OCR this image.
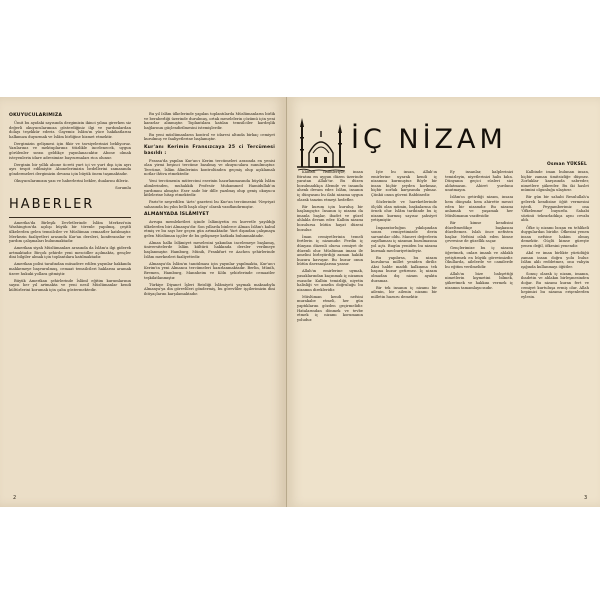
OKUYUCULARIMIZA

Ümit bu ayıdaki sayısında dergimizin ikinci yılına girerken siz değerli okuyucularımıza gösterdiğiniz ilgi ve yardımlardan dolayı teşekkür ederiz. Gayemiz İslâm'ın yüce hakikatlarını halkımıza duyurmak ve İslâm birliğine hizmet etmektir.

Dergimizin gelişmesi için fikir ve tavsiyelerinizi bekliyoruz. Yazılarınız ve mektuplarınız titizlikle incelenecek, uygun görülenler sırası geldikçe yayınlanacaktır. Abone olmak isteyenlerin idare adresimize başvurmaları rica olunur.

Derginin bir yıllık abone ücreti yurt içi ve yurt dışı için ayrı ayrı tespit edilmiştir. Abonelerimizin bedellerini zamanında göndermeleri dergimizin devamı için büyük önem taşımaktadır.

Okuyucularımızın yazı ve haberlerini bekler, dualarını dileriz.

Sorumlu

HABERLER

Amerika'da Birleşik Devletlerinde İslâm Merkezi'nin Washington'da açılışı büyük bir törenle yapılmış, çeşitli ülkelerden gelen temsilciler ve Müslüman cemaatler katılmıştır. Merkezin faaliyetleri arasında Kur'an dersleri, konferanslar ve yardım çalışmaları bulunmaktadır.

Amerikan siyah Müslümanları arasında da İslâm'a ilgi giderek artmaktadır. Birçok şehirde yeni mescidler açılmakta, gençler dini bilgiler almak için toplantılara katılmaktadır.

Amerikan polisi tarafından müsadere edilen yayınlar hakkında mahkemeye başvurulmuş, cemaat temsilcileri haklarını aramak üzere hukuki yollara gitmiştir.

Büyük Amerikan şehirlerinde İslâmî eğitim kurumlarının sayısı her yıl artmakta ve yeni nesil Müslümanlar kendi kültürlerini korumak için çaba göstermektedir.

Bu yıl İslâm ülkelerinde yapılan toplantılarda Müslümanların birlik ve beraberliği üzerinde durulmuş, ortak meselelerin çözümü için yeni kararlar alınmıştır. Toplantılara katılan temsilciler kardeşlik bağlarının güçlendirilmesini istemişlerdir.

Bu yeni müslümanların kontrol ve idaresi altında birkaç cemiyet kurulmuş ve faaliyetlerine başlamıştır.

Kur'anı Kerimin Fransızcaya 25 ci Tercümesi basıldı :

Fransa'da yapılan Kur'an-ı Kerim tercümeleri arasında en yenisi olan yirmi beşinci tercüme basılmış ve okuyuculara sunulmuştur. Tercüme, İslâm âlimlerinin kontrolünden geçmiş olup açıklamalı notlar ihtiva etmektedir.

Yeni tercümenin mütercimi eserinin hazırlanmasında büyük İslâm alimlerinden, muhakkik Profesör Muhammed Hamidullah'ın yardımını almıştır. Eser sade bir dille yazılmış olup geniş okuyucu kitlelerine hitap etmektedir.

Paris'te neşredilen 'Arts' gazetesi bu Kur'an tercümesini 'Neşriyat sahasında bu yılın belli başlı olayı' olarak vasıflandırmıştır.

ALMANYADA İSLÂMİYET

Avrupa memleketleri içinde İslâmiyetin en kuvvetle yayıldığı ülkelerden biri Almanya'dır. Son yıllarda binlerce Alman İslâm'ı kabul etmiş ve bu sayı her geçen gün artmaktadır. Yurt dışından çalışmaya gelen Müslüman işçiler de bu gelişmeye katkıda bulunmaktadır.

Alman halkı İslâmiyet meselesini yakından incelemeye başlamış, üniversitelerde İslâm kültürü hakkında dersler verilmeye başlanmıştır. Hamburg, Münih, Frankfurt ve Aachen şehirlerinde İslâm merkezleri faaliyettedir.

Almanya'da İslâm'ın tanıtılması için yayınlar yapılmakta, Kur'an-ı Kerim'in yeni Almanca tercümeleri hazırlanmaktadır. Berlin, Münih, Bremen, Hamburg, Mannheim ve Köln şehirlerinde cemaatler teşkilatlanmıştır.

Türkiye Diyanet İşleri Reisliği İslâmiyeti yaymak maksadıyla Almanya'ya din görevlileri göndermiş, bu görevliler işçilerimizin dini ihtiyaçlarını karşılamaktadır.

2
İÇ NİZAM
Osman YÜKSEL

Kâinatı cisimleriyle, insan fıtratını en uygun düzen üzerinde yaratan Allah'tır. Bu düzen bozulmadıkça âlemde ve insanda ahenk devam eder. İslâm, insanın iç dünyasını bu ilahi nizama uygun olarak tanzim etmeyi hedefler.

Bir kurum için kuruluş bir başlangıçtır. İnsanın iç nizamı da imanla başlar, ibadet ve güzel ahlakla devam eder. Kalbin nizamı bozulursa bütün hayat düzeni bozulur.

İman cemiyetlerinin temeli fertlerin iç nizamıdır. Ferdin iç dünyası düzenli olursa cemiyet de düzenli olur. Müslüman imanı ile amelini birleştirdiği zaman hakiki huzura kavuşur. Bu huzur onun bütün davranışlarına yansır.

Allah'ın emirlerine uymak, yasaklarından kaçınmak iç nizamın esasıdır. Kalbin temizliği, niyetin halisliği ve amelin doğruluğu bu nizamın direkleridir.

Müslüman kendi nefsini murakabe etmeli, her gün yaptıklarını gözden geçirmelidir. Hatalarından dönmek ve tevbe etmek iç nizamı korumanın yoludur.

İşte bu insan, Allah'ın emirlerine uyarak kendi iç nizamını kurmuştur. Böyle bir insan hiçbir şeyden korkmaz, hiçbir zorluk karşısında yılmaz. Çünkü onun güveni Rabbinedir.

Sözlerinde ve hareketlerinde ölçülü olan mümin, başkalarına da örnek olur. İslâm tarihinde bu iç nizamı kurmuş sayısız şahsiyet yetişmiştir.

İmparatorluğun yıkılışından sonra cemiyetimizde derin sarsıntılar oldu. Manevi değerlerin zayıflaması iç nizamın bozulmasına yol açtı. Bugün yeniden bu nizamı kurmak mecburiyetindeyiz.

Bu yapılırsa, bu nizam kurulursa millet yeniden dirilir. Aksi halde maddi kalkınma tek başına huzur getirmez. İç nizam olmadan dış nizam ayakta duramaz.

Bir tek insanın iç nizamı bir ailenin, bir ailenin nizamı bir milletin huzuru demektir.

Ey insanlar, kalplerinizi temizleyin, niyetlerinizi halis kılın. Dünyanın geçici süsleri sizi aldatmasın. Ahiret yurdunu unutmayın.

İslâm'ın getirdiği nizam, insanı hem dünyada hem ahirette mesut eden bir nizamdır. Bu nizamı anlamak ve yaşamak her Müslümanın vazifesidir.

Bir kimse kendisini düzeltmedikçe başkasını düzeltemez. Islah önce nefisten başlar. Nefsini ıslah eden kimse çevresine de güzellik saçar.

Gençlerimize bu iç nizamı öğretmek, onları imanlı ve ahlaklı yetiştirmek en büyük görevimizdir. Okullarda, ailelerde ve camilerde bu eğitim verilmelidir.

Allah'ın bize bahşettiği nimetlerin kıymetini bilmek, şükretmek ve hakkını vermek iç nizamın tamamlayıcısıdır.

Kalbinde iman bulunan insan, hiçbir zaman ümitsizliğe düşmez. Zorluklar karşısında sabreder, nimetlere şükreder. Bu iki haslet mümini olgunluğa ulaştırır.

Bir gün bir sahabi Resulullah'a gelerek kendisine öğüt vermesini istedi. Peygamberimiz ona 'Öfkelenme' buyurdu. Sahabi sözünü tekrarladıkça aynı cevabı aldı.

Öfke iç nizamı bozan en tehlikeli duygulardan biridir. Öfkesini yenen insan nefsine hakim olmuş demektir. Güçlü kimse güreşte yenen değil, öfkesini yenendir.

Akıl ve iman birlikte yürüdüğü zaman insan doğru yolu bulur. İslâm aklı reddetmez, onu vahyin ışığında kullanmayı öğütler.

Sonuç olarak iç nizam, imanın, ibadetin ve ahlakın birleşmesinden doğar. Bu nizamı kuran fert ve cemiyet kurtuluşa ermiş olur. Allah hepimizi bu nizama erişenlerden eylesin.

3
